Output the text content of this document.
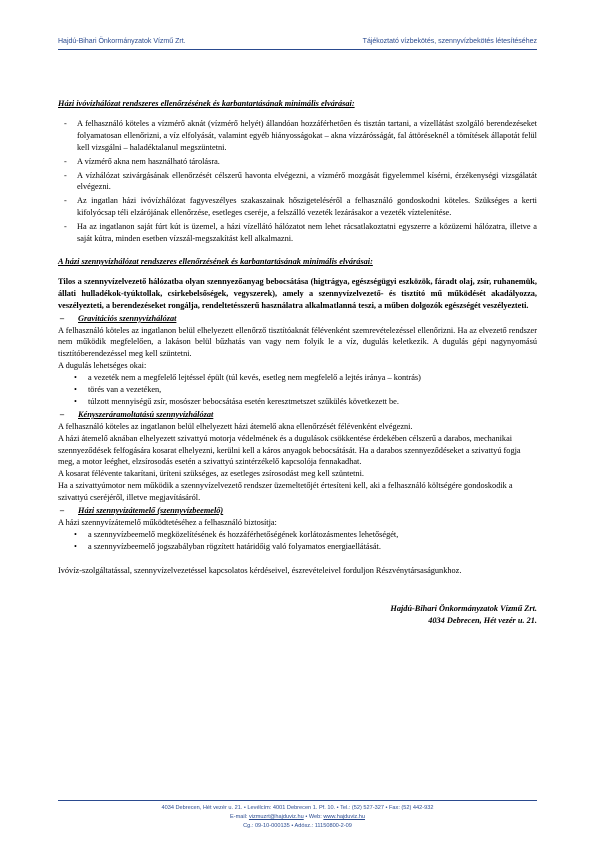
Hajdú-Bihari Önkormányzatok Vízmű Zrt.	Tájékoztató vízbekötés, szennyvízbekötés létesítéséhez

Házi ivóvízhálózat rendszeres ellenőrzésének és karbantartásának minimális elvárásai:

- A felhasználó köteles a vízmérő aknát (vízmérő helyét) állandóan hozzáférhetően és tisztán tartani, a vízellátást szolgáló berendezéseket folyamatosan ellenőrizni, a víz elfolyását, valamint egyéb hiányosságokat – akna vízzárósságát, fal áttöréseknél a tömítések állapotát felül kell vizsgálni – haladéktalanul megszüntetni.
- A vízmérő akna nem használható tárolásra.
- A vízhálózat szivárgásának ellenőrzését célszerű havonta elvégezni, a vízmérő mozgását figyelemmel kísérni, érzékenységi vizsgálatát elvégezni.
- Az ingatlan házi ivóvízhálózat fagyveszélyes szakaszainak hőszigeteléséről a felhasználó gondoskodni köteles. Szükséges a kerti kifolyócsap téli elzárójának ellenőrzése, esetleges cseréje, a felszálló vezeték lezárásakor a vezeték víztelenítése.
- Ha az ingatlanon saját fúrt kút is üzemel, a házi vízellátó hálózatot nem lehet rácsatlakoztatni egyszerre a közüzemi hálózatra, illetve a saját kútra, minden esetben vízszál-megszakítást kell alkalmazni.

A házi szennyvízhálózat rendszeres ellenőrzésének és karbantartásának minimális elvárásai:

Tilos a szennyvízelvezető hálózatba olyan szennyezőanyag bebocsátása (higtrágya, egészségügyi eszközök, fáradt olaj, zsír, ruhanemük, állati hulladékok-tyúktollak, csirkebelsőségek, vegyszerek), amely a szennyvízelvezető- és tisztító mű működését akadályozza, veszélyezteti, a berendezéseket rongálja, rendeltetésszerű használatra alkalmatlanná teszi, a műben dolgozók egészségét veszélyezteti.

– Gravitációs szennyvízhálózat

A felhasználó köteles az ingatlanon belül elhelyezett ellenőrző tisztítóaknát félévenként szemrevételezéssel ellenőrizni. Ha az elvezető rendszer nem működik megfelelően, a lakáson belül bűzhatás van vagy nem folyik le a víz, dugulás keletkezik. A dugulás gépi nagynyomású tisztítóberendezéssel meg kell szüntetni.

A dugulás lehetséges okai:

• a vezeték nem a megfelelő lejtéssel épült (túl kevés, esetleg nem megfelelő a lejtés iránya – kontrás)
• törés van a vezetéken,
• túlzott mennyiségű zsír, mosószer bebocsátása esetén keresztmetszet szűkülés következett be.

– Kényszeráramoltatású szennyvízhálózat

A felhasználó köteles az ingatlanon belül elhelyezett házi átemelő akna ellenőrzését félévenként elvégezni.

A házi átemelő aknában elhelyezett szivattyú motorja védelmének és a dugulások csökkentése érdekében célszerű a darabos, mechanikai szennyeződések felfogására kosarat elhelyezni, kerülni kell a káros anyagok bebocsátását. Ha a darabos szennyeződéseket a szivattyú fogja meg, a motor leéghet, elzsírosodás esetén a szivattyú szintérzékelő kapcsolója fennakadhat.

A kosarat félévente takarítani, üríteni szükséges, az esetleges zsírosodást meg kell szüntetni.

Ha a szivattyúmotor nem működik a szennyvízelvezető rendszer üzemeltetőjét értesíteni kell, aki a felhasználó költségére gondoskodik a szivattyú cseréjéről, illetve megjavításáról.

– Házi szennyvízátemelő (szennyvízbeemelő)

A házi szennyvízátemelő működtetéséhez a felhasználó biztosítja:

• a szennyvízbeemelő megközelítésének és hozzáférhetőségének korlátozásmentes lehetőségét,
• a szennyvízbeemelő jogszabályban rögzített határidőig való folyamatos energiaellátását.

Ivóvíz-szolgáltatással, szennyvízelvezetéssel kapcsolatos kérdéseivel, észrevételeivel forduljon Részvénytársaságunkhoz.

Hajdú-Bihari Önkormányzatok Vízmű Zrt.
4034 Debrecen, Hét vezér u. 21.
4034 Debrecen, Hét vezér u. 21. • Levélcím: 4001 Debrecen 1. Pf. 10. • Tel.: (52) 527-327 • Fax: (52) 442-932
E-mail: vizmuzrt@hajduviz.hu • Web: www.hajduviz.hu
Cg.: 09-10-000135 • Adósz.: 11150800-2-09
